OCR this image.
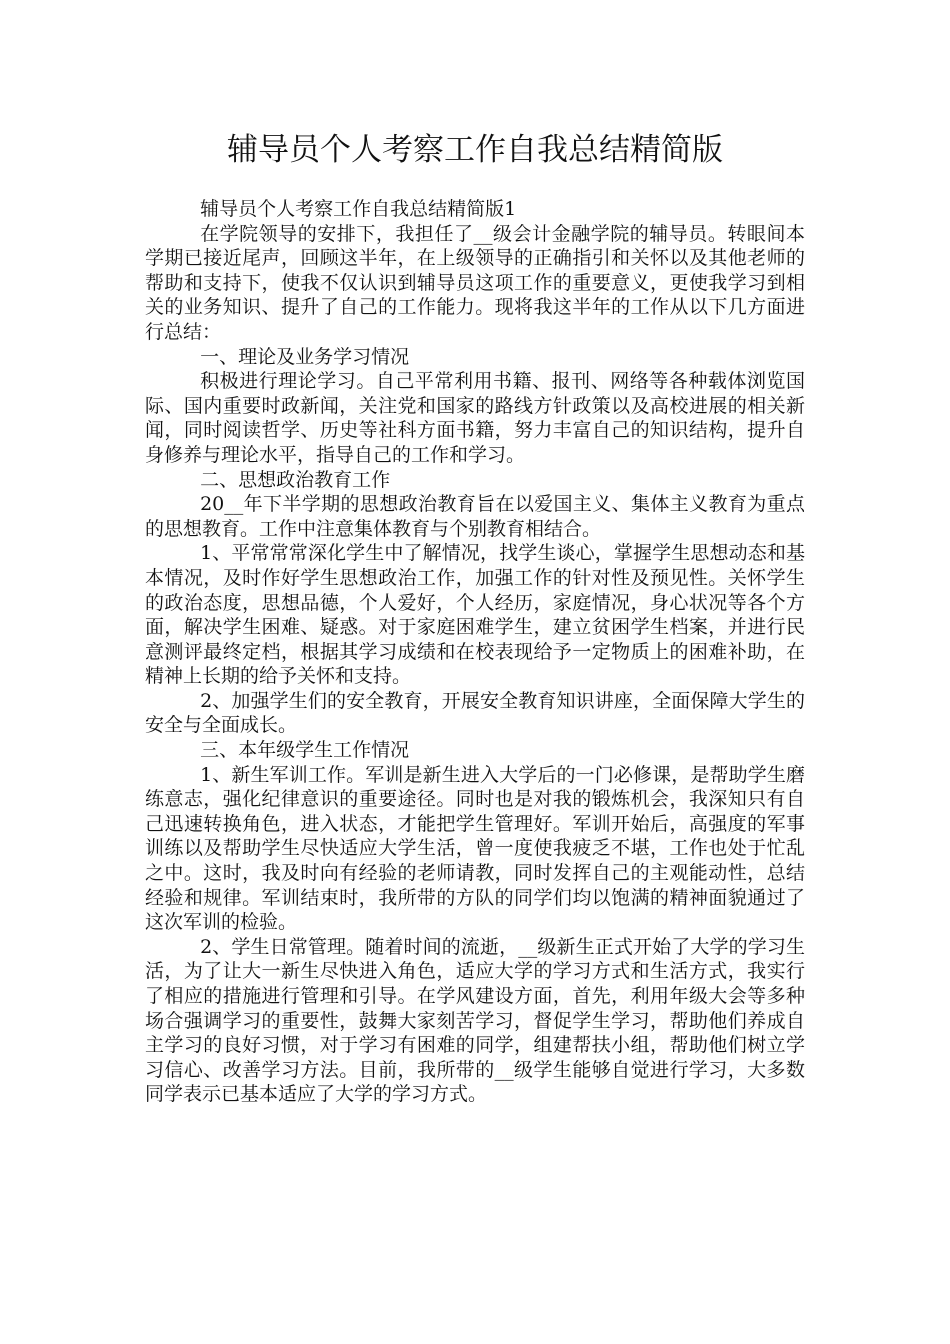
辅导员个人考察工作自我总结精简版

辅导员个人考察工作自我总结精简版1

在学院领导的安排下，我担任了__级会计金融学院的辅导员。转眼间本学期已接近尾声，回顾这半年，在上级领导的正确指引和关怀以及其他老师的帮助和支持下，使我不仅认识到辅导员这项工作的重要意义，更使我学习到相关的业务知识、提升了自己的工作能力。现将我这半年的工作从以下几方面进行总结：

一、理论及业务学习情况

积极进行理论学习。自己平常利用书籍、报刊、网络等各种载体浏览国际、国内重要时政新闻，关注党和国家的路线方针政策以及高校进展的相关新闻，同时阅读哲学、历史等社科方面书籍，努力丰富自己的知识结构，提升自身修养与理论水平，指导自己的工作和学习。

二、思想政治教育工作

20__年下半学期的思想政治教育旨在以爱国主义、集体主义教育为重点的思想教育。工作中注意集体教育与个别教育相结合。

1、平常常常深化学生中了解情况，找学生谈心，掌握学生思想动态和基本情况，及时作好学生思想政治工作，加强工作的针对性及预见性。关怀学生的政治态度，思想品德，个人爱好，个人经历，家庭情况，身心状况等各个方面，解决学生困难、疑惑。对于家庭困难学生，建立贫困学生档案，并进行民意测评最终定档，根据其学习成绩和在校表现给予一定物质上的困难补助，在精神上长期的给予关怀和支持。

2、加强学生们的安全教育，开展安全教育知识讲座，全面保障大学生的安全与全面成长。

三、本年级学生工作情况

1、新生军训工作。军训是新生进入大学后的一门必修课，是帮助学生磨练意志，强化纪律意识的重要途径。同时也是对我的锻炼机会，我深知只有自己迅速转换角色，进入状态，才能把学生管理好。军训开始后，高强度的军事训练以及帮助学生尽快适应大学生活，曾一度使我疲乏不堪，工作也处于忙乱之中。这时，我及时向有经验的老师请教，同时发挥自己的主观能动性，总结经验和规律。军训结束时，我所带的方队的同学们均以饱满的精神面貌通过了这次军训的检验。

2、学生日常管理。随着时间的流逝，__级新生正式开始了大学的学习生活，为了让大一新生尽快进入角色，适应大学的学习方式和生活方式，我实行了相应的措施进行管理和引导。在学风建设方面，首先，利用年级大会等多种场合强调学习的重要性，鼓舞大家刻苦学习，督促学生学习，帮助他们养成自主学习的良好习惯，对于学习有困难的同学，组建帮扶小组，帮助他们树立学习信心、改善学习方法。目前，我所带的__级学生能够自觉进行学习，大多数同学表示已基本适应了大学的学习方式。
